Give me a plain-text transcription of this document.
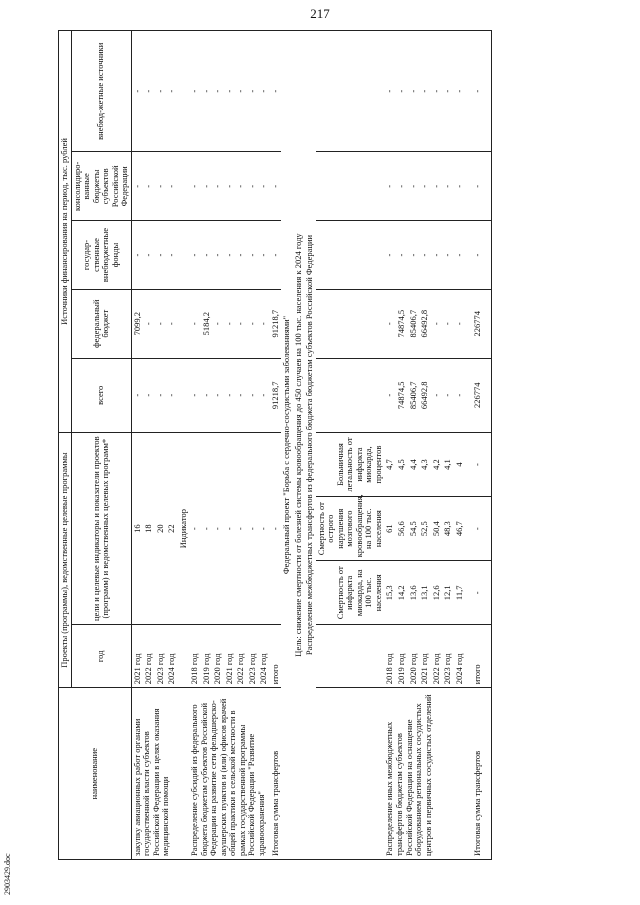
217
2903429.doc
наименование	Проекты (программы), ведомственные целевые программы				Источники финансирования на период, тыс. рублей				
	год	цели и целевые индикаторы и показатели проектов (программ) и ведомственных целевых программ*			всего	федеральный бюджет	государ-ственные внебюджетные фонды	консолидиро-ванные бюджеты субъектов Российской Федерации	внебюд-жетные источники
закупку авиационных работ органами государственной власти субъектов Российской Федерации в целях оказания медицинской помощи	2021 год	16			-	7099,2	-	-	-
	2022 год	18			-	-	-	-	-
	2023 год	20			-	-	-	-	-
	2024 год	22			-	-	-	-	-
		Индикатор							
Распределение субсидий из федерального бюджета бюджетам субъектов Российской Федерации на развитие сети фельдшерско-акушерских пунктов и (или) офисов врачей общей практики в сельской местности в рамках государственной программы Российской Федерации "Развитие здравоохранения"	2018 год	-			-	-	-	-	-
	2019 год	-			-	5184,2	-	-	-
	2020 год	-			-	-	-	-	-
	2021 год	-			-	-	-	-	-
	2022 год	-			-	-	-	-	-
	2023 год	-			-	-	-	-	-
	2024 год	-			-	-	-	-	-
Итоговая сумма трансфертов	итого	-			91218,7	91218,7	-	-	-
Федеральный проект "Борьба с сердечно-сосудистыми заболеваниями"									
Цель: снижение смертности от болезней системы кровообращения до 450 случаев на 100 тыс. населения к 2024 году									
Распределение межбюджетных трансфертов из федерального бюджета бюджетам субъектов Российской Федерации									
		Смертность от инфаркта миокарда, на 100 тыс. населения	Смертность от острого нарушения мозгового кровообращения, на 100 тыс. населения	Больничная летальность от инфаркта миокарда, процентов					
Распределение иных межбюджетных трансфертов бюджетам субъектов Российской Федерации на оснащение оборудованием региональных сосудистых центров и первичных сосудистых отделений	2018 год	15,3	61	4,7	-	-	-	-	-
	2019 год	14,2	56,6	4,5	74874,5	74874,5	-	-	-
	2020 год	13,6	54,5	4,4	85406,7	85406,7	-	-	-
	2021 год	13,1	52,5	4,3	66492,8	66492,8	-	-	-
	2022 год	12,6	50,4	4,2	-	-	-	-	-
	2023 год	12,1	48,3	4,1	-	-	-	-	-
	2024 год	11,7	46,7	4	-	-	-	-	-

Итоговая сумма трансфертов	итого	-	-	-	226774	226774	-	-	-
